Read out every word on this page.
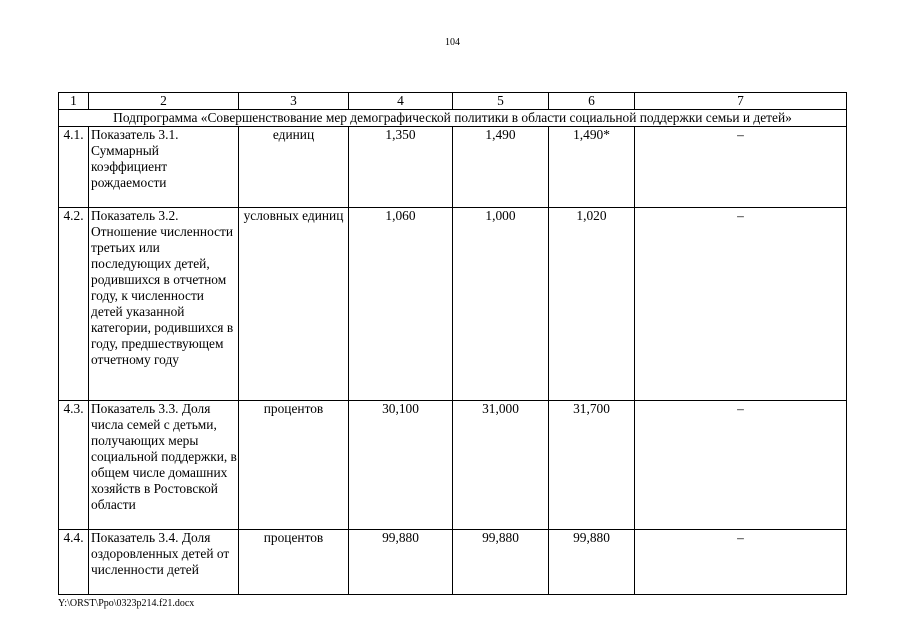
104
1	2	3	4	5	6	7
Подпрограмма «Совершенствование мер демографической политики в области социальной поддержки семьи и детей»						
4.1.	Показатель 3.1. Суммарный коэффициент рождаемости	единиц	1,350	1,490	1,490*	–
4.2.	Показатель 3.2. Отношение численности третьих или последующих детей, родившихся в отчетном году, к численности детей указанной категории, родившихся в году, предшествующем отчетному году	условных единиц	1,060	1,000	1,020	–
4.3.	Показатель 3.3. Доля числа семей с детьми, получающих меры социальной поддержки, в общем числе домашних хозяйств в Ростовской области	процентов	30,100	31,000	31,700	–
4.4.	Показатель 3.4. Доля оздоровленных детей от численности детей	процентов	99,880	99,880	99,880	–
Y:\ORST\Ppo\0323p214.f21.docx
